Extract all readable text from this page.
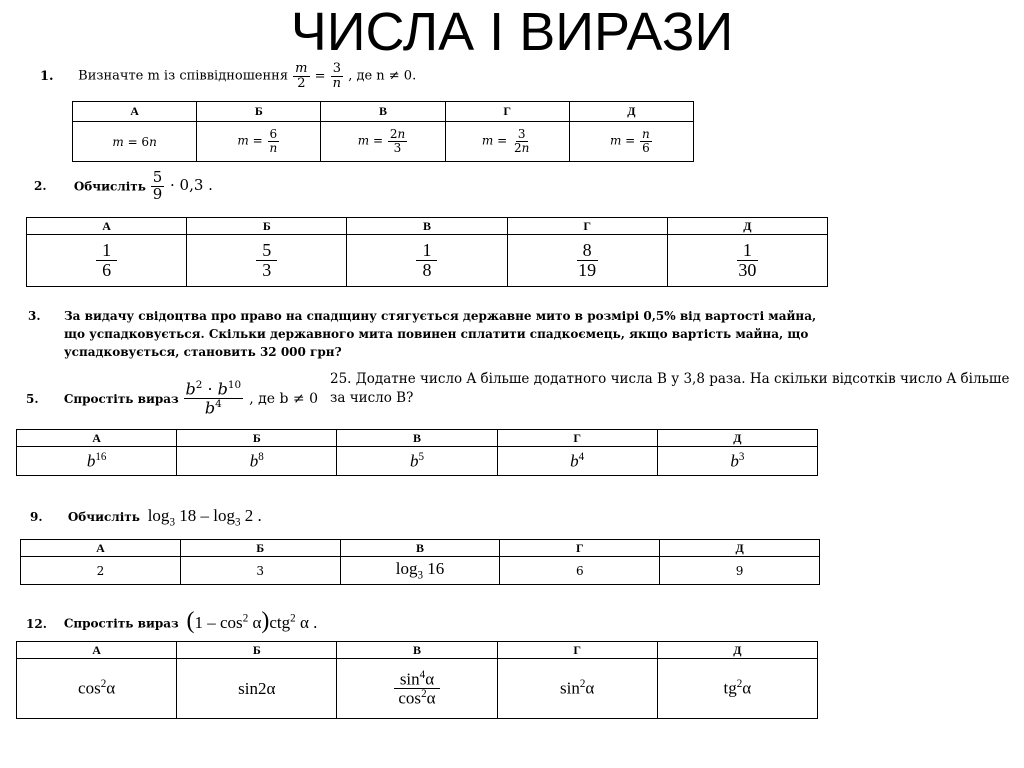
ЧИСЛА І ВИРАЗИ
1. Визначте m із співвідношення $\frac{m}{2} = \frac{3}{n}$ , де n ≠ 0.
А	Б	В	Г	Д
m = 6n	$m = \frac{6}{n}$	$m = \frac{2n}{3}$	$m = \frac{3}{2n}$	$m = \frac{n}{6}$
2. Обчисліть $\frac{5}{9} \cdot 0,3$ .
А	Б	В	Г	Д

$\frac{1}{6}$	$\frac{5}{3}$	$\frac{1}{8}$	$\frac{8}{19}$	$\frac{1}{30}$
3. За видачу свідоцтва про право на спадщину стягується державне мито в розмірі 0,5% від вартості майна, що успадковується. Скільки державного мита повинен сплатити спадкоємець, якщо вартість майна, що успадковується, становить 32 000 грн?
25. Додатне число A більше додатного числа B у 3,8 раза. На скільки відсотків число A більше за число B?
5. Спростіть вираз $\frac{b^2 \cdot b^{10}}{b^4}$ , де b ≠ 0
А	Б	В	Г	Д
$b^{16}$	$b^8$	$b^5$	$b^4$	$b^3$
9. Обчисліть $\log_3 18 - \log_3 2$ .
А	Б	В	Г	Д
2	3	$\log_3 16$	6	9
12. Спростіть вираз $(1 - \cos^2 \alpha)ctg^2$ α .
А	Б	В	Г	Д
$\cos^2\alpha$	sin2α	$\frac{\sin^4\alpha}{\cos^2\alpha}$	$\sin^2\alpha$	$tg^2\alpha$
